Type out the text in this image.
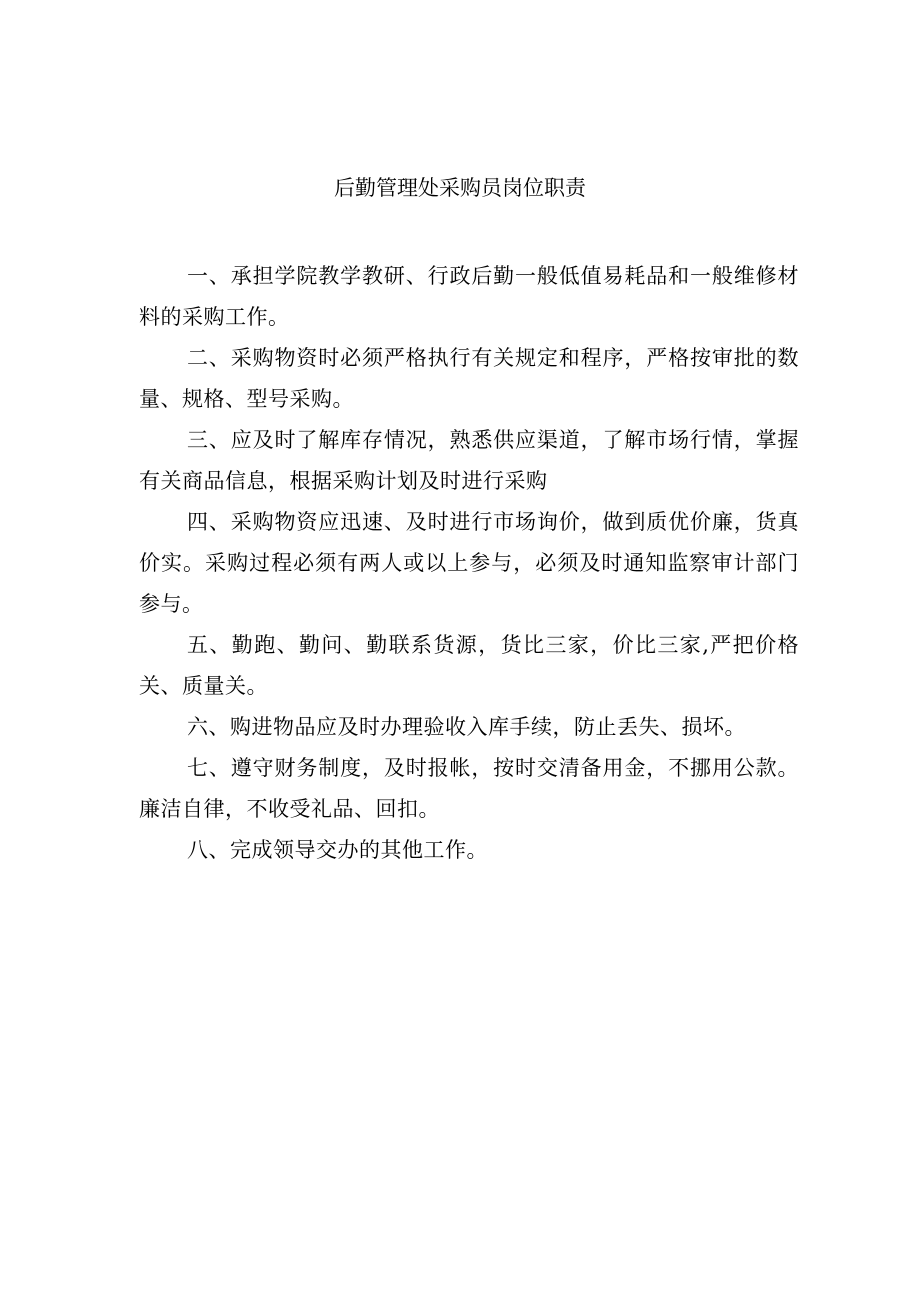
后勤管理处采购员岗位职责

一、承担学院教学教研、行政后勤一般低值易耗品和一般维修材料的采购工作。

二、采购物资时必须严格执行有关规定和程序，严格按审批的数量、规格、型号采购。

三、应及时了解库存情况，熟悉供应渠道，了解市场行情，掌握有关商品信息，根据采购计划及时进行采购

四、采购物资应迅速、及时进行市场询价，做到质优价廉，货真价实。采购过程必须有两人或以上参与，必须及时通知监察审计部门参与。

五、勤跑、勤问、勤联系货源，货比三家，价比三家,严把价格关、质量关。

六、购进物品应及时办理验收入库手续，防止丢失、损坏。

七、遵守财务制度，及时报帐，按时交清备用金，不挪用公款。廉洁自律，不收受礼品、回扣。

八、完成领导交办的其他工作。
